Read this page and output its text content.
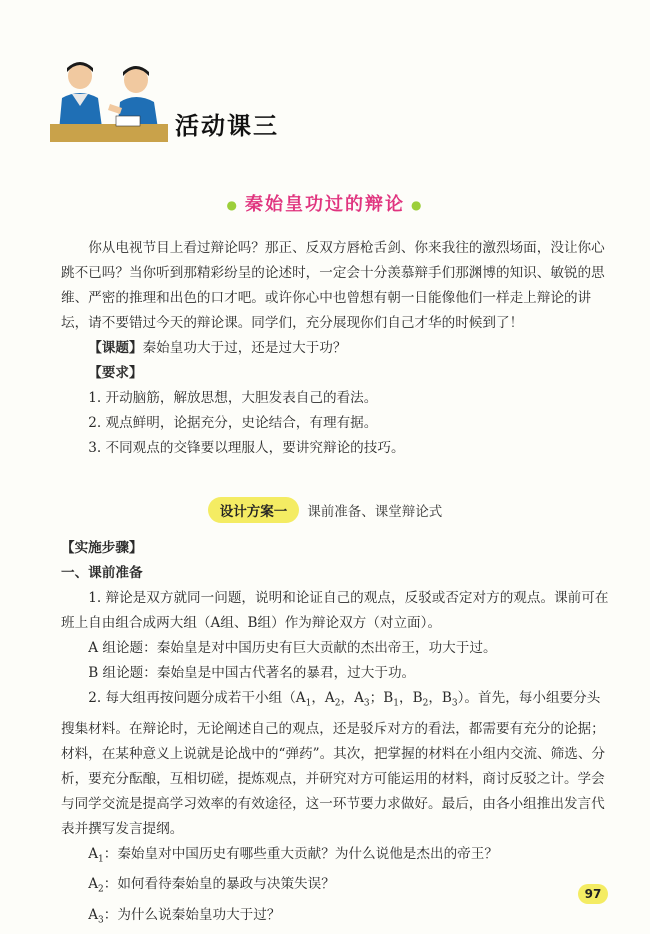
活动课三
● 秦始皇功过的辩论 ●

你从电视节目上看过辩论吗？那正、反双方唇枪舌剑、你来我往的激烈场面，没让你心跳不已吗？当你听到那精彩纷呈的论述时，一定会十分羡慕辩手们那渊博的知识、敏锐的思维、严密的推理和出色的口才吧。或许你心中也曾想有朝一日能像他们一样走上辩论的讲坛，请不要错过今天的辩论课。同学们，充分展现你们自己才华的时候到了！

【课题】秦始皇功大于过，还是过大于功？

【要求】

1. 开动脑筋，解放思想，大胆发表自己的看法。

2. 观点鲜明，论据充分，史论结合，有理有据。

3. 不同观点的交锋要以理服人，要讲究辩论的技巧。

设计方案一 课前准备、课堂辩论式

【实施步骤】

一、课前准备

1. 辩论是双方就同一问题，说明和论证自己的观点，反驳或否定对方的观点。课前可在班上自由组合成两大组（A组、B组）作为辩论双方（对立面）。

A 组论题：秦始皇是对中国历史有巨大贡献的杰出帝王，功大于过。

B 组论题：秦始皇是中国古代著名的暴君，过大于功。

2. 每大组再按问题分成若干小组（$A_1$，$A_2$，$A_3$；$B_1$，$B_2$，$B_3$）。首先，每小组要分头搜集材料。在辩论时，无论阐述自己的观点，还是驳斥对方的看法，都需要有充分的论据；材料，在某种意义上说就是论战中的“弹药”。其次，把掌握的材料在小组内交流、筛选、分析，要充分酝酿，互相切磋，提炼观点，并研究对方可能运用的材料，商讨反驳之计。学会与同学交流是提高学习效率的有效途径，这一环节要力求做好。最后，由各小组推出发言代表并撰写发言提纲。

$A_1$：秦始皇对中国历史有哪些重大贡献？为什么说他是杰出的帝王？

$A_2$：如何看待秦始皇的暴政与决策失误？

$A_3$：为什么说秦始皇功大于过？

97
